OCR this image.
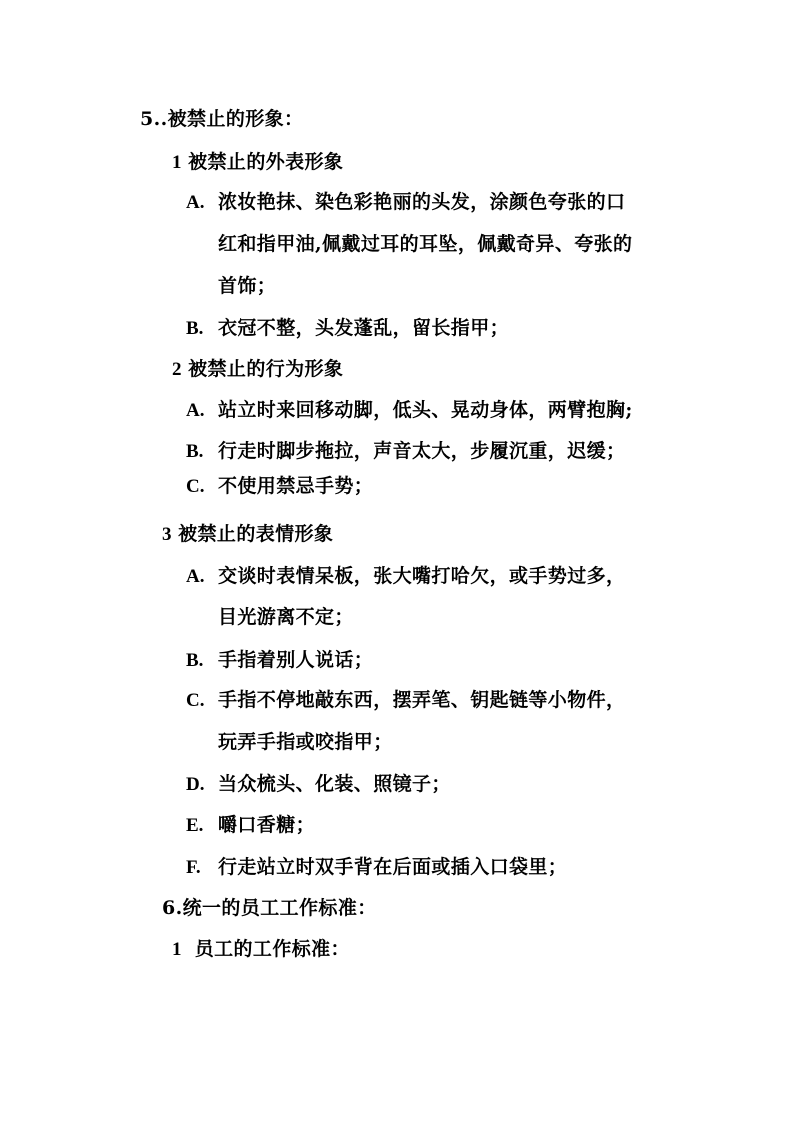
5..被禁止的形象：
1 被禁止的外表形象
A. 浓妆艳抹、染色彩艳丽的头发，涂颜色夸张的口
红和指甲油,佩戴过耳的耳坠，佩戴奇异、夸张的
首饰；
B. 衣冠不整，头发蓬乱，留长指甲；
2 被禁止的行为形象
A. 站立时来回移动脚，低头、晃动身体，两臂抱胸;
B. 行走时脚步拖拉，声音太大，步履沉重，迟缓；
C. 不使用禁忌手势；
3 被禁止的表情形象
A. 交谈时表情呆板，张大嘴打哈欠，或手势过多，
目光游离不定；
B. 手指着别人说话；
C. 手指不停地敲东西，摆弄笔、钥匙链等小物件，
玩弄手指或咬指甲；
D. 当众梳头、化装、照镜子；
E. 嚼口香糖；
F. 行走站立时双手背在后面或插入口袋里；
6.统一的员工工作标准：
1 员工的工作标准：
